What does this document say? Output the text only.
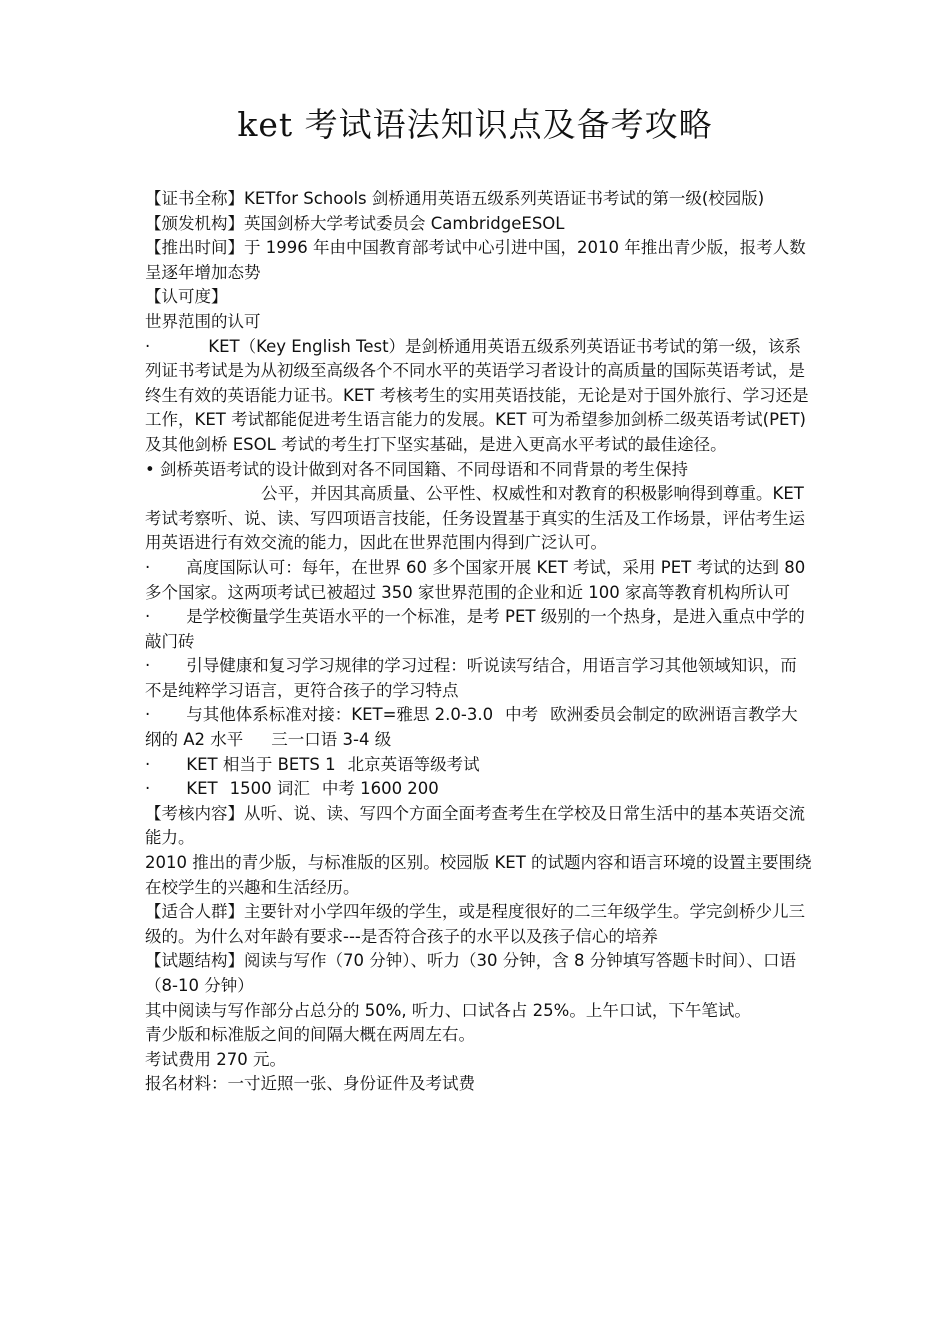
ket 考试语法知识点及备考攻略

【证书全称】KETfor Schools 剑桥通用英语五级系列英语证书考试的第一级(校园版)

【颁发机构】英国剑桥大学考试委员会 CambridgeESOL

【推出时间】于 1996 年由中国教育部考试中心引进中国，2010 年推出青少版，报考人数呈逐年增加态势

【认可度】

世界范围的认可

·	KET（Key English Test）是剑桥通用英语五级系列英语证书考试的第一级，该系列证书考试是为从初级至高级各个不同水平的英语学习者设计的高质量的国际英语考试，是终生有效的英语能力证书。KET 考核考生的实用英语技能，无论是对于国外旅行、学习还是工作，KET 考试都能促进考生语言能力的发展。KET 可为希望参加剑桥二级英语考试(PET)及其他剑桥 ESOL 考试的考生打下坚实基础，是进入更高水平考试的最佳途径。

• 剑桥英语考试的设计做到对各不同国籍、不同母语和不同背景的考生保持

公平，并因其高质量、公平性、权威性和对教育的积极影响得到尊重。KET 考试考察听、说、读、写四项语言技能，任务设置基于真实的生活及工作场景，评估考生运用英语进行有效交流的能力，因此在世界范围内得到广泛认可。

· 高度国际认可：每年，在世界 60 多个国家开展 KET 考试，采用 PET 考试的达到 80 多个国家。这两项考试已被超过 350 家世界范围的企业和近 100 家高等教育机构所认可

· 是学校衡量学生英语水平的一个标准，是考 PET 级别的一个热身，是进入重点中学的敲门砖

· 引导健康和复习学习规律的学习过程：听说读写结合，用语言学习其他领域知识，而不是纯粹学习语言，更符合孩子的学习特点

· 与其他体系标准对接：KET=雅思 2.0-3.0 中考 欧洲委员会制定的欧洲语言教学大纲的 A2 水平 三一口语 3-4 级

· KET 相当于 BETS 1 北京英语等级考试

· KET 1500 词汇 中考 1600 200

【考核内容】从听、说、读、写四个方面全面考查考生在学校及日常生活中的基本英语交流能力。

2010 推出的青少版，与标准版的区别。校园版 KET 的试题内容和语言环境的设置主要围绕在校学生的兴趣和生活经历。

【适合人群】主要针对小学四年级的学生，或是程度很好的二三年级学生。学完剑桥少儿三级的。为什么对年龄有要求---是否符合孩子的水平以及孩子信心的培养

【试题结构】阅读与写作（70 分钟）、听力（30 分钟，含 8 分钟填写答题卡时间）、口语（8-10 分钟）

其中阅读与写作部分占总分的 50%, 听力、口试各占 25%。上午口试，下午笔试。

青少版和标准版之间的间隔大概在两周左右。

考试费用 270 元。

报名材料：一寸近照一张、身份证件及考试费
